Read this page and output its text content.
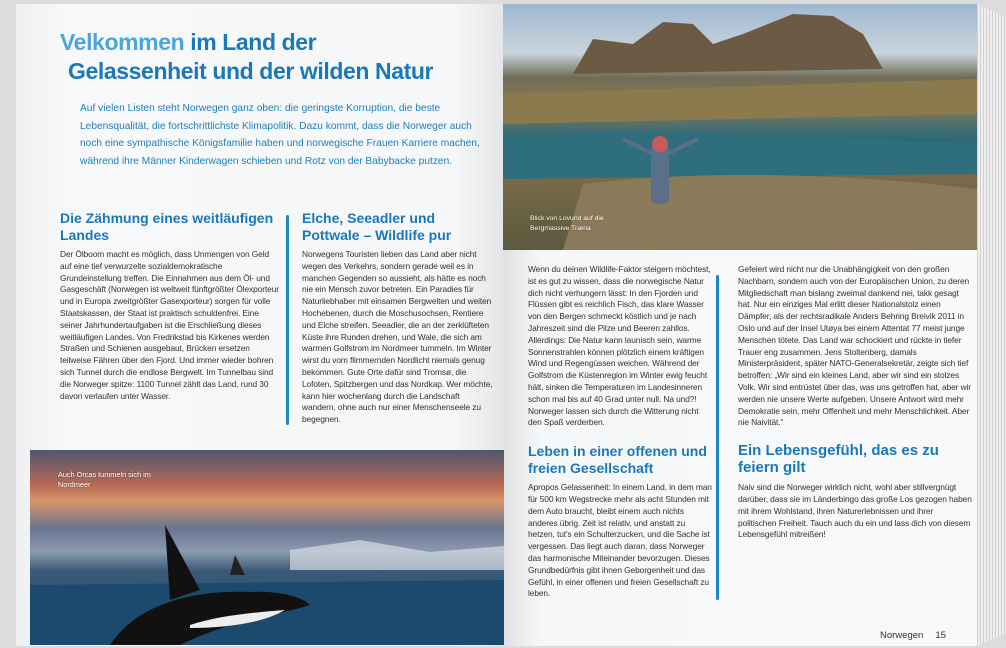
Velkommen im Land der
Gelassenheit und der wilden Natur

Auf vielen Listen steht Norwegen ganz oben: die geringste Korruption, die beste Lebensqualität, die fortschrittlichste Klimapolitik. Dazu kommt, dass die Norweger auch noch eine sympathische Königsfamilie haben und norwegische Frauen Karriere machen, während ihre Männer Kinderwagen schieben und Rotz von der Babybacke putzen.

Die Zähmung eines weitläufigen Landes

Der Ölboom macht es möglich, dass Unmengen von Geld auf eine tief verwurzelte sozialdemokratische Grundeinstellung treffen. Die Einnahmen aus dem Öl- und Gasgeschäft (Norwegen ist weltweit fünftgrößter Ölexporteur und in Europa zweitgrößter Gasexporteur) sorgen für volle Staatskassen, der Staat ist praktisch schuldenfrei. Eine seiner Jahrhundertaufgaben ist die Erschließung dieses weitläufigen Landes. Von Fredrikstad bis Kirkenes werden Straßen und Schienen ausgebaut, Brücken ersetzen teilweise Fähren über den Fjord. Und immer wieder bohren sich Tunnel durch die endlose Bergwelt. Im Tunnelbau sind die Norweger spitze: 1100 Tunnel zählt das Land, rund 30 davon verlaufen unter Wasser.

Elche, Seeadler und Pottwale – Wildlife pur

Norwegens Touristen lieben das Land aber nicht wegen des Verkehrs, sondern gerade weil es in manchen Gegenden so aussieht, als hätte es noch nie ein Mensch zuvor betreten. Ein Paradies für Naturliebhaber mit einsamen Bergwelten und weiten Hochebenen, durch die Moschusochsen, Rentiere und Elche streifen. Seeadler, die an der zerklüfteten Küste ihre Runden drehen, und Wale, die sich am warmen Golfstrom im Nordmeer tummeln. Im Winter wirst du vom flimmernden Nordlicht niemals genug bekommen. Gute Orte dafür sind Tromsø, die Lofoten, Spitzbergen und das Nordkap. Wer möchte, kann hier wochenlang durch die Landschaft wandern, ohne auch nur einer Menschenseele zu begegnen.

Auch Orcas tummeln sich im Nordmeer
Blick von Lovund auf die Bergmassive Træna

Wenn du deinen Wildlife-Faktor steigern möchtest, ist es gut zu wissen, dass die norwegische Natur dich nicht verhungern lässt: In den Fjorden und Flüssen gibt es reichlich Fisch, das klare Wasser von den Bergen schmeckt köstlich und je nach Jahreszeit sind die Pilze und Beeren zahllos. Allerdings: Die Natur kann launisch sein, warme Sonnenstrahlen können plötzlich einem kräftigen Wind und Regengüssen weichen. Während der Golfstrom die Küstenregion im Winter ewig feucht hält, sinken die Temperaturen im Landesinneren schon mal bis auf 40 Grad unter null. Na und?! Norweger lassen sich durch die Witterung nicht den Spaß verderben.

Leben in einer offenen und freien Gesellschaft

Apropos Gelassenheit: In einem Land, in dem man für 500 km Wegstrecke mehr als acht Stunden mit dem Auto braucht, bleibt einem auch nichts anderes übrig. Zeit ist relativ, und anstatt zu hetzen, tut's ein Schulterzucken, und die Sache ist vergessen. Das liegt auch daran, dass Norweger das harmonische Miteinander bevorzugen. Dieses Grundbedürfnis gibt ihnen Geborgenheit und das Gefühl, in einer offenen und freien Gesellschaft zu leben.

Gefeiert wird nicht nur die Unabhängigkeit von den großen Nachbarn, sondern auch von der Europäischen Union, zu deren Mitgliedschaft man bislang zweimal dankend nei, takk gesagt hat. Nur ein einziges Mal erlitt dieser Nationalstolz einen Dämpfer, als der rechtsradikale Anders Behring Breivik 2011 in Oslo und auf der Insel Utøya bei einem Attentat 77 meist junge Menschen tötete. Das Land war schockiert und rückte in tiefer Trauer eng zusammen. Jens Stoltenberg, damals Ministerpräsident, später NATO-Generalsekretär, zeigte sich tief betroffen: „Wir sind ein kleines Land, aber wir sind ein stolzes Volk. Wir sind entrüstet über das, was uns getroffen hat, aber wir werden nie unsere Werte aufgeben. Unsere Antwort wird mehr Demokratie sein, mehr Offenheit und mehr Menschlichkeit. Aber nie Naivität.“

Ein Lebensgefühl, das es zu feiern gilt

Naiv sind die Norweger wirklich nicht, wohl aber stillvergnügt darüber, dass sie im Länderbingo das große Los gezogen haben mit ihrem Wohlstand, ihren Naturerlebnissen und ihrer politischen Freiheit. Tauch auch du ein und lass dich von diesem Lebensgefühl mitreißen!

Norwegen 15
